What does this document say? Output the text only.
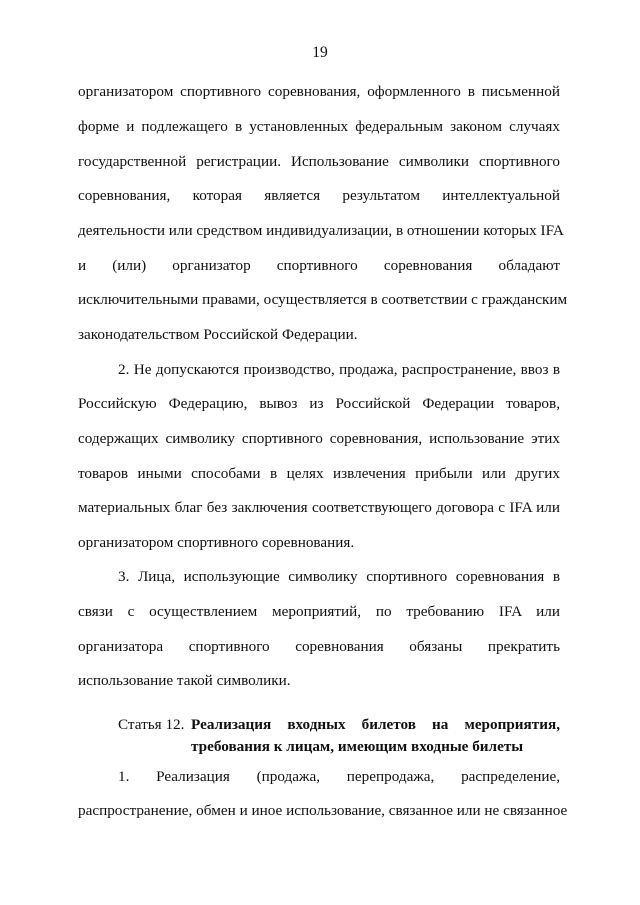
19
организатором спортивного соревнования, оформленного в письменной
форме и подлежащего в установленных федеральным законом случаях
государственной регистрации. Использование символики спортивного
соревнования, которая является результатом интеллектуальной
деятельности или средством индивидуализации, в отношении которых IFA
и (или) организатор спортивного соревнования обладают
исключительными правами, осуществляется в соответствии с гражданским
законодательством Российской Федерации.
2. Не допускаются производство, продажа, распространение, ввоз в
Российскую Федерацию, вывоз из Российской Федерации товаров,
содержащих символику спортивного соревнования, использование этих
товаров иными способами в целях извлечения прибыли или других
материальных благ без заключения соответствующего договора с IFA или
организатором спортивного соревнования.
3. Лица, использующие символику спортивного соревнования в
связи с осуществлением мероприятий, по требованию IFA или
организатора спортивного соревнования обязаны прекратить
использование такой символики.
Статья 12. Реализация входных билетов на мероприятия,
требования к лицам, имеющим входные билеты
1. Реализация (продажа, перепродажа, распределение,
распространение, обмен и иное использование, связанное или не связанное
